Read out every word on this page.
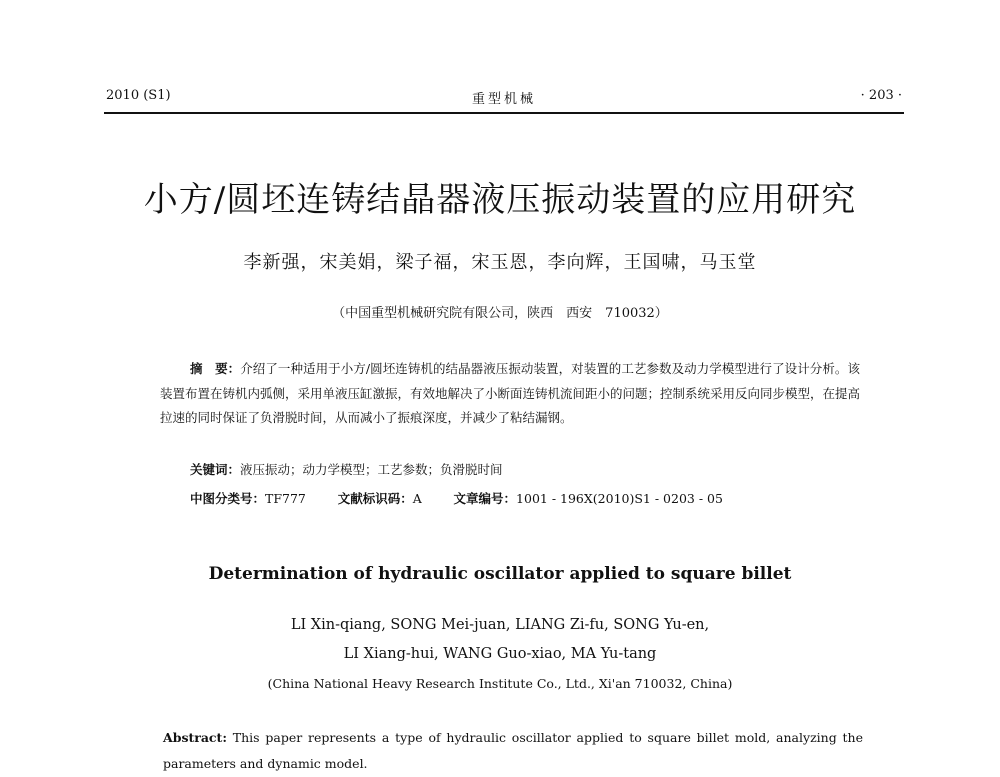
2010 (S1)	重型机械	· 203 ·
小方/圆坯连铸结晶器液压振动装置的应用研究
李新强，宋美娟，梁子福，宋玉恩，李向辉，王国啸，马玉堂
（中国重型机械研究院有限公司，陕西　西安　710032）
摘　要：介绍了一种适用于小方/圆坯连铸机的结晶器液压振动装置，对装置的工艺参数及动力学模型进行了设计分析。该装置布置在铸机内弧侧，采用单液压缸激振，有效地解决了小断面连铸机流间距小的问题；控制系统采用反向同步模型，在提高拉速的同时保证了负滑脱时间，从而减小了振痕深度，并减少了粘结漏钢。
关键词：液压振动；动力学模型；工艺参数；负滑脱时间
中图分类号：TF777	文献标识码：A	文章编号：1001 - 196X(2010)S1 - 0203 - 05
Determination of hydraulic oscillator applied to square billet
LI Xin-qiang, SONG Mei-juan, LIANG Zi-fu, SONG Yu-en,
LI Xiang-hui, WANG Guo-xiao, MA Yu-tang
(China National Heavy Research Institute Co., Ltd., Xi'an 710032, China)
Abstract: This paper represents a type of hydraulic oscillator applied to square billet mold, analyzing the parameters and dynamic model.
